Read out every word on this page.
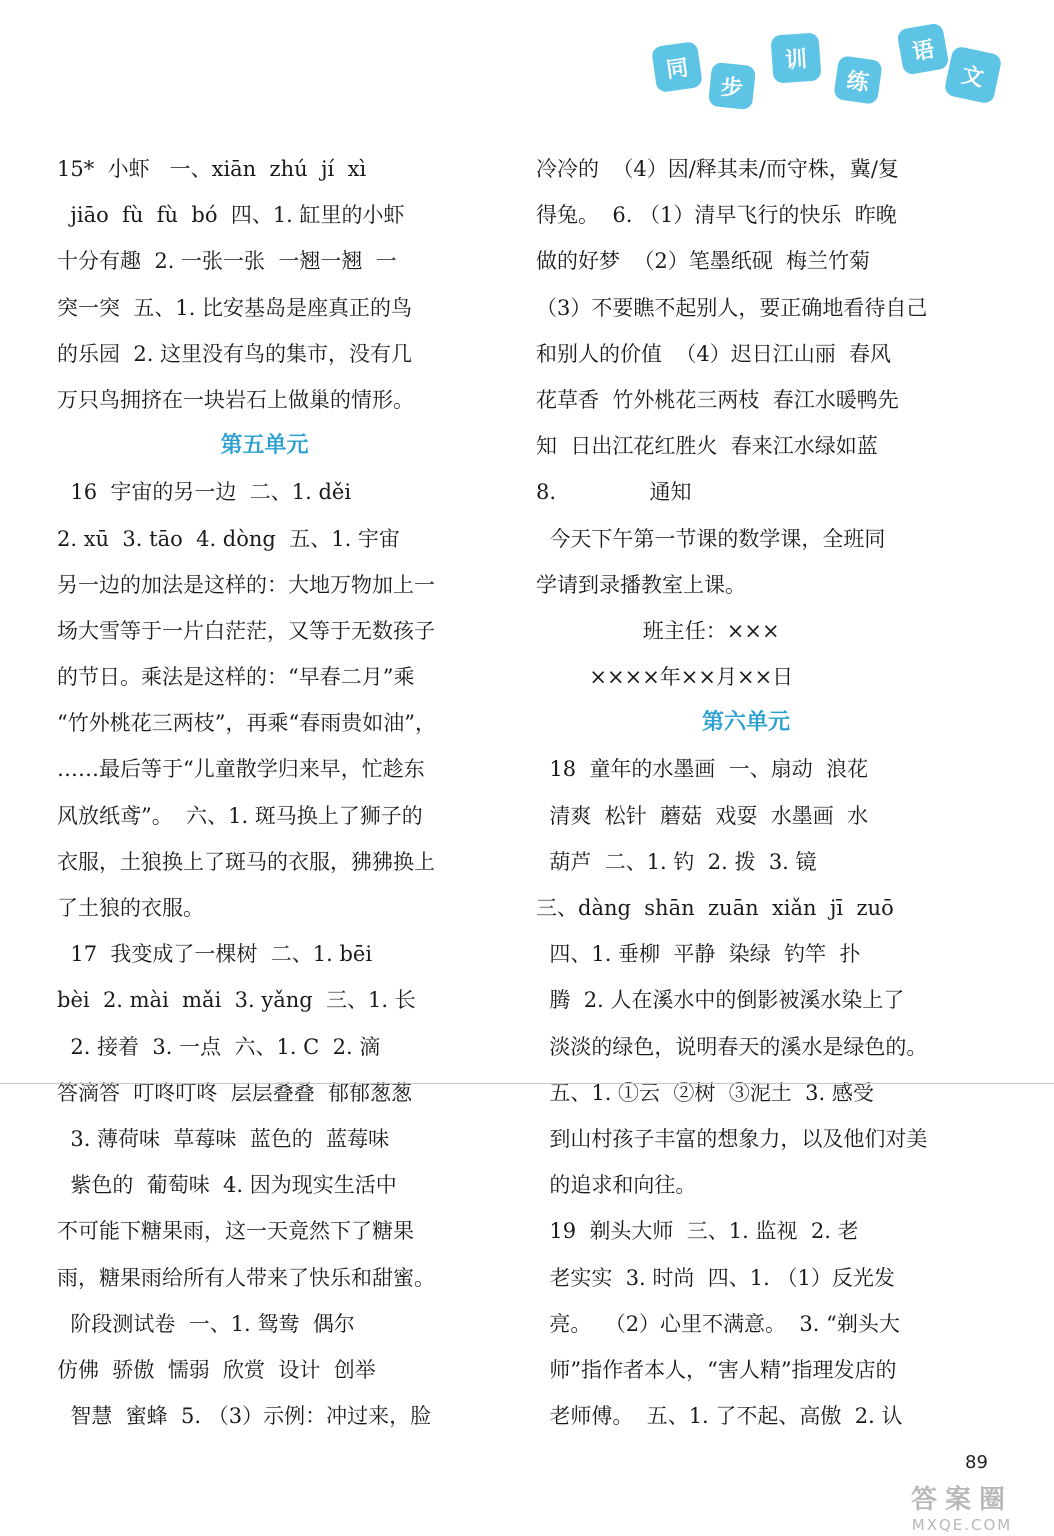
同
步
训
练
语
文
15*  小虾   一、xiān  zhú  jí  xì
jiāo  fù  fù  bó  四、1. 缸里的小虾
十分有趣  2. 一张一张  一翘一翘  一
突一突  五、1. 比安基岛是座真正的鸟
的乐园  2. 这里没有鸟的集市，没有几
万只鸟拥挤在一块岩石上做巢的情形。
第五单元
16  宇宙的另一边  二、1. děi
2. xū  3. tāo  4. dòng  五、1. 宇宙
另一边的加法是这样的：大地万物加上一
场大雪等于一片白茫茫，又等于无数孩子
的节日。乘法是这样的：“早春二月”乘
“竹外桃花三两枝”，再乘“春雨贵如油”，
……最后等于“儿童散学归来早，忙趁东
风放纸鸢”。  六、1. 斑马换上了狮子的
衣服，土狼换上了斑马的衣服，狒狒换上
了土狼的衣服。
17  我变成了一棵树  二、1. bēi
bèi  2. mài  mǎi  3. yǎng  三、1. 长
2. 接着  3. 一点  六、1. C  2. 滴
答滴答  叮咚叮咚  层层叠叠  郁郁葱葱
3. 薄荷味  草莓味  蓝色的  蓝莓味
紫色的  葡萄味  4. 因为现实生活中
不可能下糖果雨，这一天竟然下了糖果
雨，糖果雨给所有人带来了快乐和甜蜜。
阶段测试卷  一、1. 鸳鸯  偶尔
仿佛  骄傲  懦弱  欣赏  设计  创举
智慧  蜜蜂  5. （3）示例：冲过来，脸
冷冷的  （4）因/释其耒/而守株，冀/复
得兔。  6. （1）清早飞行的快乐  昨晚
做的好梦  （2）笔墨纸砚  梅兰竹菊
（3）不要瞧不起别人，要正确地看待自己
和别人的价值  （4）迟日江山丽  春风
花草香  竹外桃花三两枝  春江水暖鸭先
知  日出江花红胜火  春来江水绿如蓝
8.              通知
今天下午第一节课的数学课，全班同
学请到录播教室上课。
班主任：×××
××××年××月××日
第六单元
18  童年的水墨画  一、扇动  浪花
清爽  松针  蘑菇  戏耍  水墨画  水
葫芦  二、1. 钓  2. 拨  3. 镜
三、dàng  shān  zuān  xiǎn  jī  zuō
四、1. 垂柳  平静  染绿  钓竿  扑
腾  2. 人在溪水中的倒影被溪水染上了
淡淡的绿色，说明春天的溪水是绿色的。
五、1. ①云  ②树  ③泥土  3. 感受
到山村孩子丰富的想象力，以及他们对美
的追求和向往。
19  剃头大师  三、1. 监视  2. 老
老实实  3. 时尚  四、1. （1）反光发
亮。  （2）心里不满意。  3. “剃头大
师”指作者本人，“害人精”指理发店的
老师傅。  五、1. 了不起、高傲  2. 认
89
答案圈
MXQE.COM
